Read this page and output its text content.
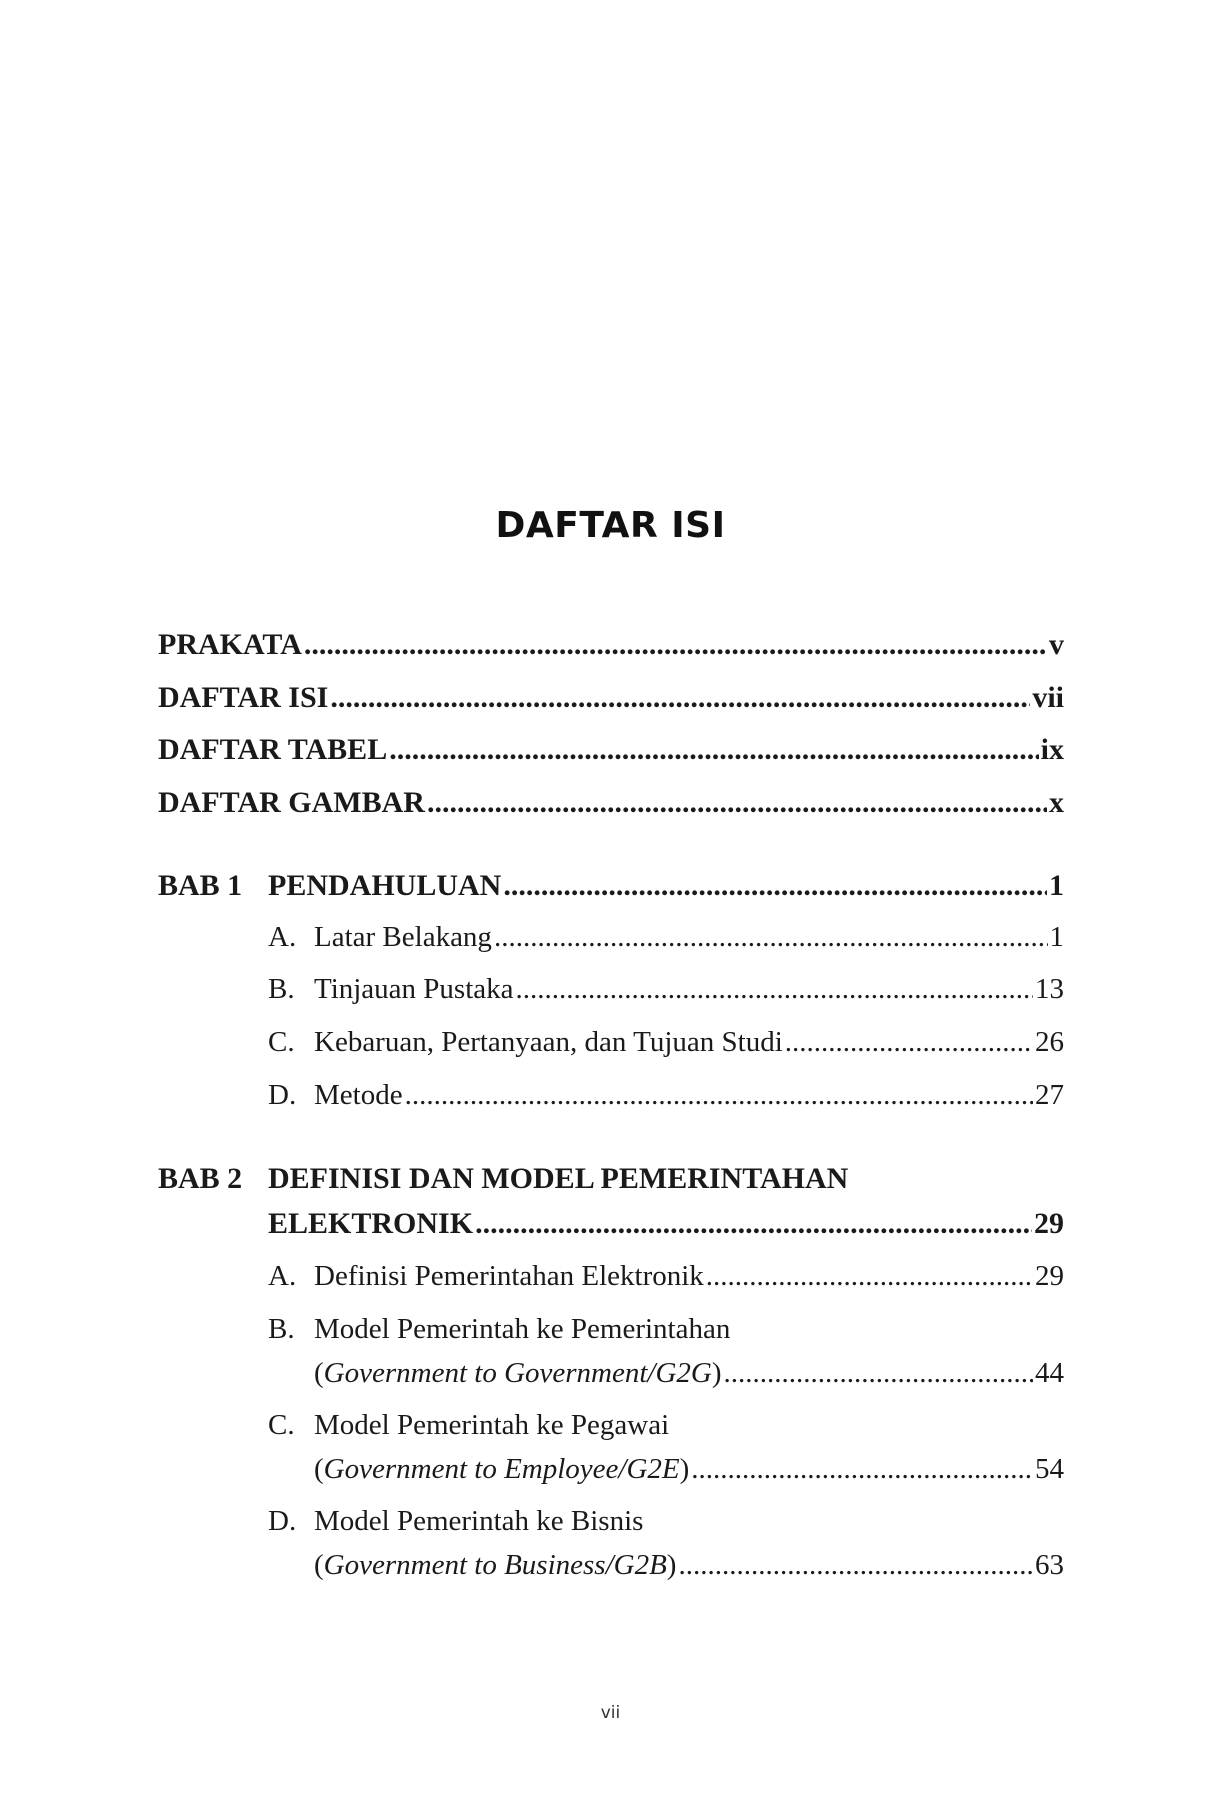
DAFTAR ISI
PRAKATA .....	v
DAFTAR ISI .....	vii
DAFTAR TABEL .....	ix
DAFTAR GAMBAR .....	x
BAB 1 PENDAHULUAN .....	1
A. Latar Belakang .....	1
B. Tinjauan Pustaka .....	13
C. Kebaruan, Pertanyaan, dan Tujuan Studi .....	26
D. Metode .....	27
BAB 2 DEFINISI DAN MODEL PEMERINTAHAN
ELEKTRONIK .....	29
A. Definisi Pemerintahan Elektronik .....	29
B. Model Pemerintah ke Pemerintahan
(Government to Government/G2G) .....	44
C. Model Pemerintah ke Pegawai
(Government to Employee/G2E) .....	54
D. Model Pemerintah ke Bisnis
(Government to Business/G2B) .....	63
vii
